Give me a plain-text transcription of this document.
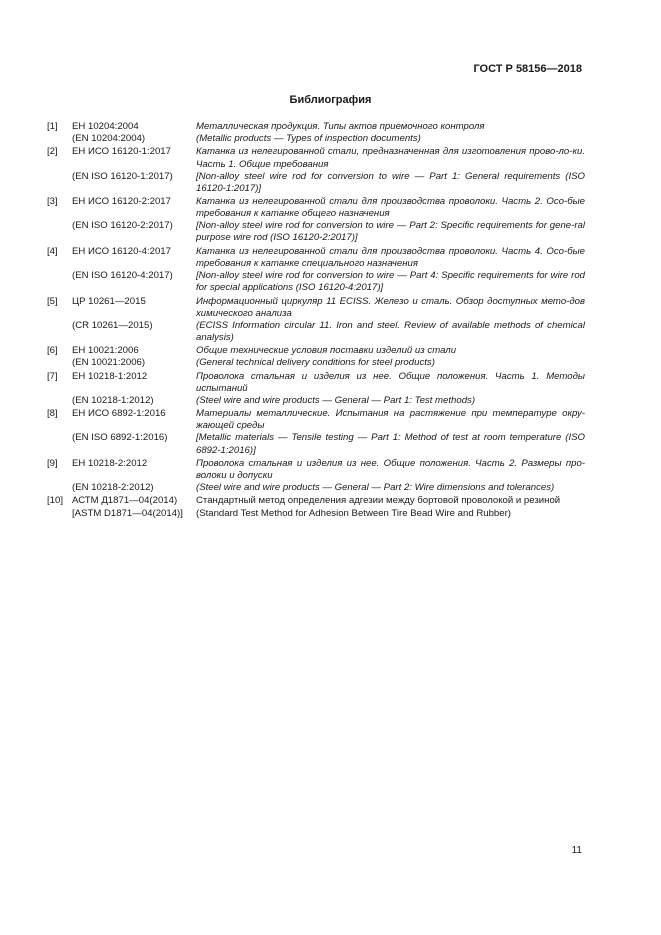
ГОСТ Р 58156—2018
Библиография
[1]	ЕН 10204:2004
(EN 10204:2004)
Металлическая продукция. Типы актов приемочного контроля
(Metallic products — Types of inspection documents)
[2]	ЕН ИСО 16120-1:2017

(EN ISO 16120-1:2017)
Катанка из нелегированной стали, предназначенная для изготовления прово-ло-ки. Часть 1. Общие требования
[Non-alloy steel wire rod for conversion to wire — Part 1: General requirements (ISO 16120-1:2017)]
[3]	ЕН ИСО 16120-2:2017

(EN ISO 16120-2:2017)
Катанка из нелегированной стали для производства проволоки. Часть 2. Осо-бые требования к катанке общего назначения
[Non-alloy steel wire rod for conversion to wire — Part 2: Specific requirements for gene-ral purpose wire rod (ISO 16120-2:2017)]
[4]	ЕН ИСО 16120-4:2017

(EN ISO 16120-4:2017)
Катанка из нелегированной стали для производства проволоки. Часть 4. Осо-бые требования к катанке специального назначения
[Non-alloy steel wire rod for conversion to wire — Part 4: Specific requirements for wire rod for special applications (ISO 16120-4:2017)]
[5]	ЦР 10261—2015

(CR 10261—2015)
Информационный циркуляр 11 ECISS. Железо и сталь. Обзор доступных мето-дов химического анализа
(ECISS Information circular 11. Iron and steel. Review of available methods of chemical analysis)
[6]	ЕН 10021:2006
(EN 10021:2006)
Общие технические условия поставки изделий из стали
(General technical delivery conditions for steel products)
[7]	ЕН 10218-1:2012

(EN 10218-1:2012)
Проволока стальная и изделия из нее. Общие положения. Часть 1. Методы испытаний
(Steel wire and wire products — General — Part 1: Test methods)
[8]	ЕН ИСО 6892-1:2016

(EN ISO 6892-1:2016)
Материалы металлические. Испытания на растяжение при температуре окру-жающей среды
[Metallic materials — Tensile testing — Part 1: Method of test at room temperature (ISO 6892-1:2016)]
[9]	ЕН 10218-2:2012

(EN 10218-2:2012)
Проволока стальная и изделия из нее. Общие положения. Часть 2. Размеры про-волоки и допуски
(Steel wire and wire products — General — Part 2: Wire dimensions and tolerances)
[10] АСТМ Д1871—04(2014)
[ASTM D1871—04(2014)]
Стандартный метод определения адгезии между бортовой проволокой и резиной
(Standard Test Method for Adhesion Between Tire Bead Wire and Rubber)
11
